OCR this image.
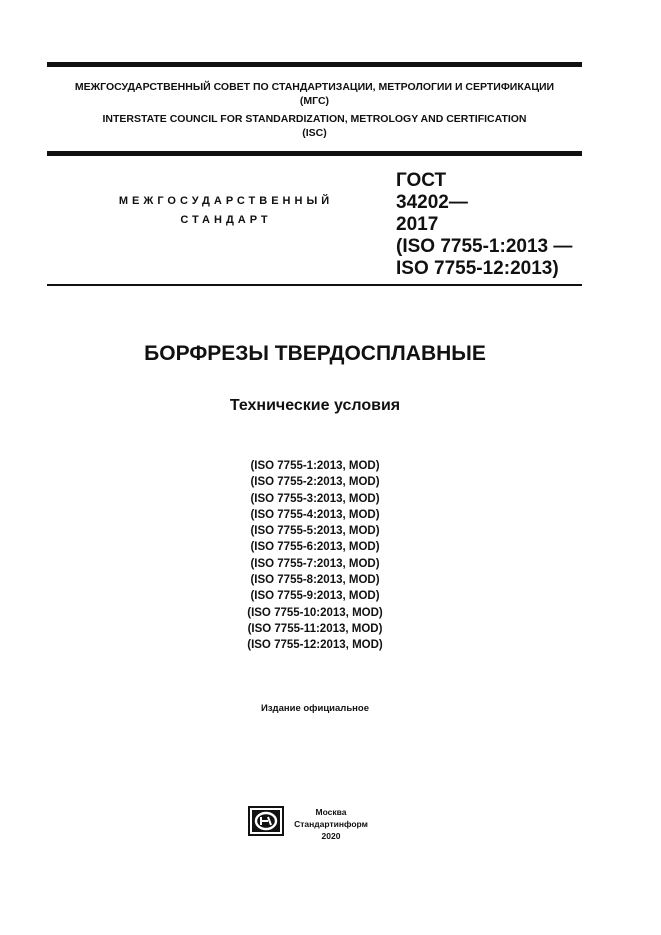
МЕЖГОСУДАРСТВЕННЫЙ СОВЕТ ПО СТАНДАРТИЗАЦИИ, МЕТРОЛОГИИ И СЕРТИФИКАЦИИ
(МГС)
INTERSTATE COUNCIL FOR STANDARDIZATION, METROLOGY AND CERTIFICATION
(ISC)
МЕЖГОСУДАРСТВЕННЫЙ
СТАНДАРТ
ГОСТ
34202—
2017
(ISO 7755-1:2013 —
ISO 7755-12:2013)
БОРФРЕЗЫ ТВЕРДОСПЛАВНЫЕ
Технические условия
(ISO 7755-1:2013, MOD)
(ISO 7755-2:2013, MOD)
(ISO 7755-3:2013, MOD)
(ISO 7755-4:2013, MOD)
(ISO 7755-5:2013, MOD)
(ISO 7755-6:2013, MOD)
(ISO 7755-7:2013, MOD)
(ISO 7755-8:2013, MOD)
(ISO 7755-9:2013, MOD)
(ISO 7755-10:2013, MOD)
(ISO 7755-11:2013, MOD)
(ISO 7755-12:2013, MOD)
Издание официальное
Москва
Стандартинформ
2020
